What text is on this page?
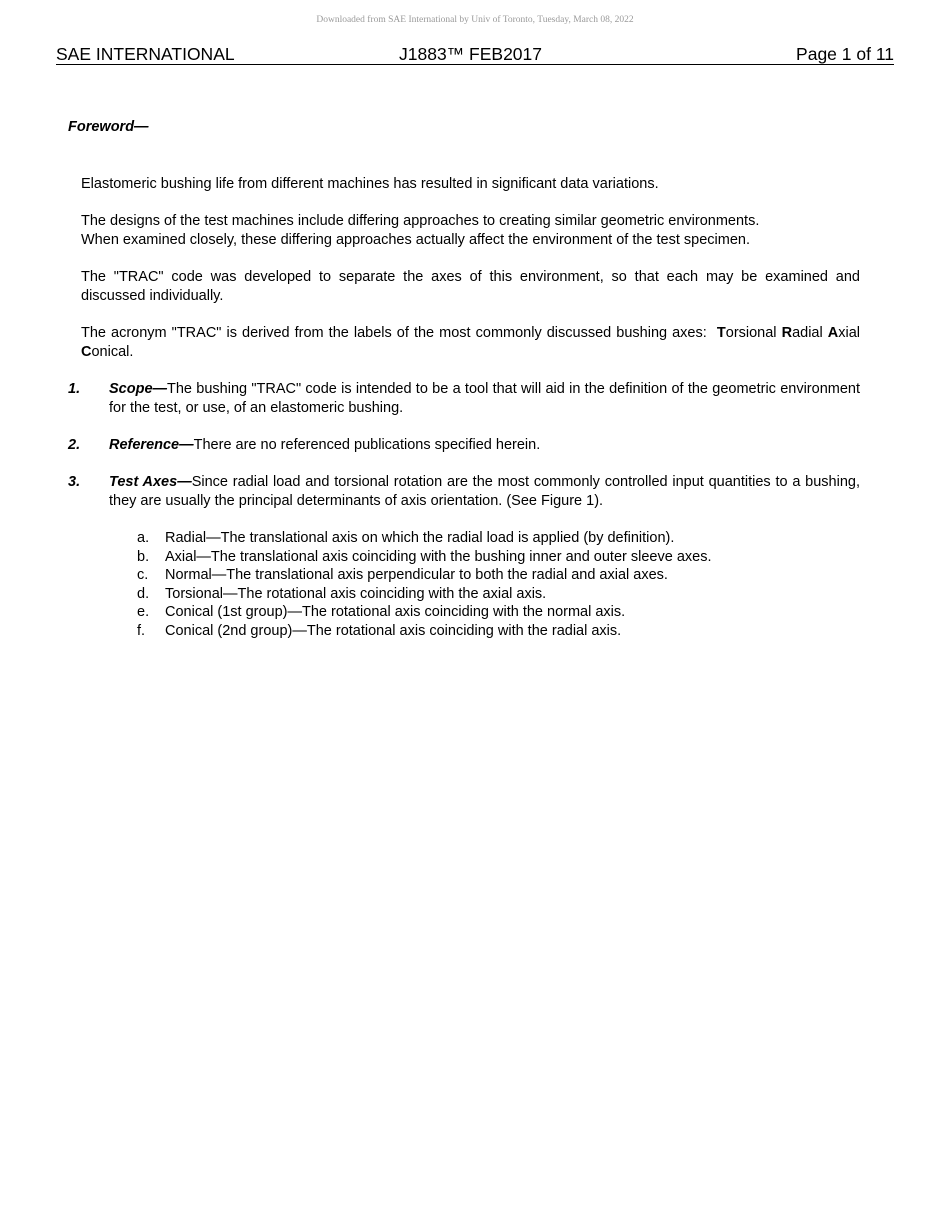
Downloaded from SAE International by Univ of Toronto, Tuesday, March 08, 2022
SAE INTERNATIONAL	J1883™ FEB2017	Page 1 of 11
Foreword—
Elastomeric bushing life from different machines has resulted in significant data variations.
The designs of the test machines include differing approaches to creating similar geometric environments.
When examined closely, these differing approaches actually affect the environment of the test specimen.
The "TRAC" code was developed to separate the axes of this environment, so that each may be examined and discussed individually.
The acronym "TRAC" is derived from the labels of the most commonly discussed bushing axes: Torsional Radial Axial Conical.
1. Scope—The bushing "TRAC" code is intended to be a tool that will aid in the definition of the geometric environment for the test, or use, of an elastomeric bushing.
2. Reference—There are no referenced publications specified herein.
3. Test Axes—Since radial load and torsional rotation are the most commonly controlled input quantities to a bushing, they are usually the principal determinants of axis orientation. (See Figure 1).
a. Radial—The translational axis on which the radial load is applied (by definition).
b. Axial—The translational axis coinciding with the bushing inner and outer sleeve axes.
c. Normal—The translational axis perpendicular to both the radial and axial axes.
d. Torsional—The rotational axis coinciding with the axial axis.
e. Conical (1st group)—The rotational axis coinciding with the normal axis.
f. Conical (2nd group)—The rotational axis coinciding with the radial axis.
